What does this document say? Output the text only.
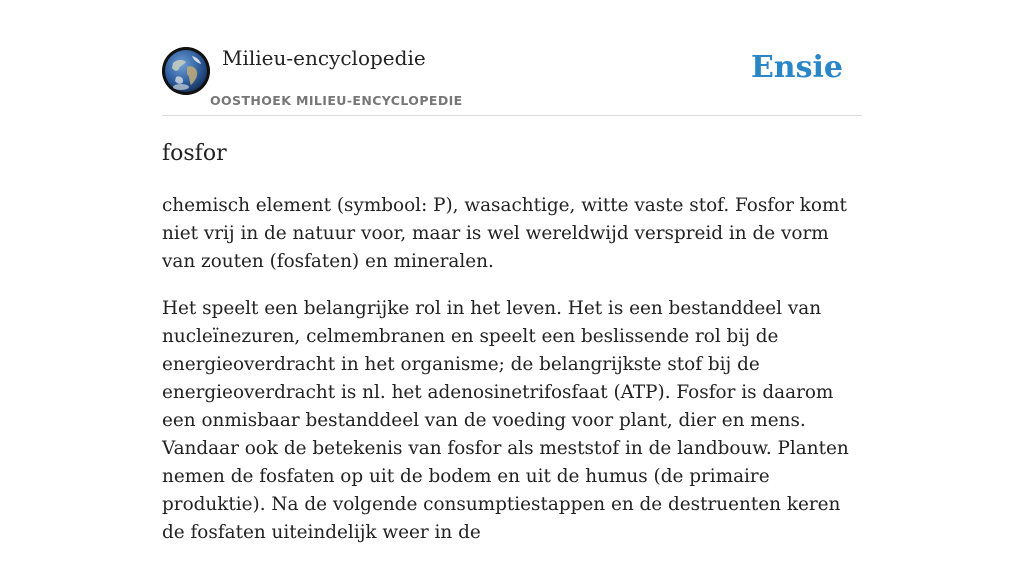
Milieu-encyclopedie
OOSTHOEK MILIEU-ENCYCLOPEDIE
Ensie
fosfor

chemisch element (symbool: P), wasachtige, witte vaste stof. Fosfor komt niet vrij in de natuur voor, maar is wel wereldwijd verspreid in de vorm van zouten (fosfaten) en mineralen.

Het speelt een belangrijke rol in het leven. Het is een bestanddeel van nucleïnezuren, celmembranen en speelt een beslissende rol bij de energieoverdracht in het organisme; de belangrijkste stof bij de energieoverdracht is nl. het adenosinetrifosfaat (ATP). Fosfor is daarom een onmisbaar bestanddeel van de voeding voor plant, dier en mens. Vandaar ook de betekenis van fosfor als meststof in de landbouw. Planten nemen de fosfaten op uit de bodem en uit de humus (de primaire produktie). Na de volgende consumptiestappen en de destruenten keren de fosfaten uiteindelijk weer in de
